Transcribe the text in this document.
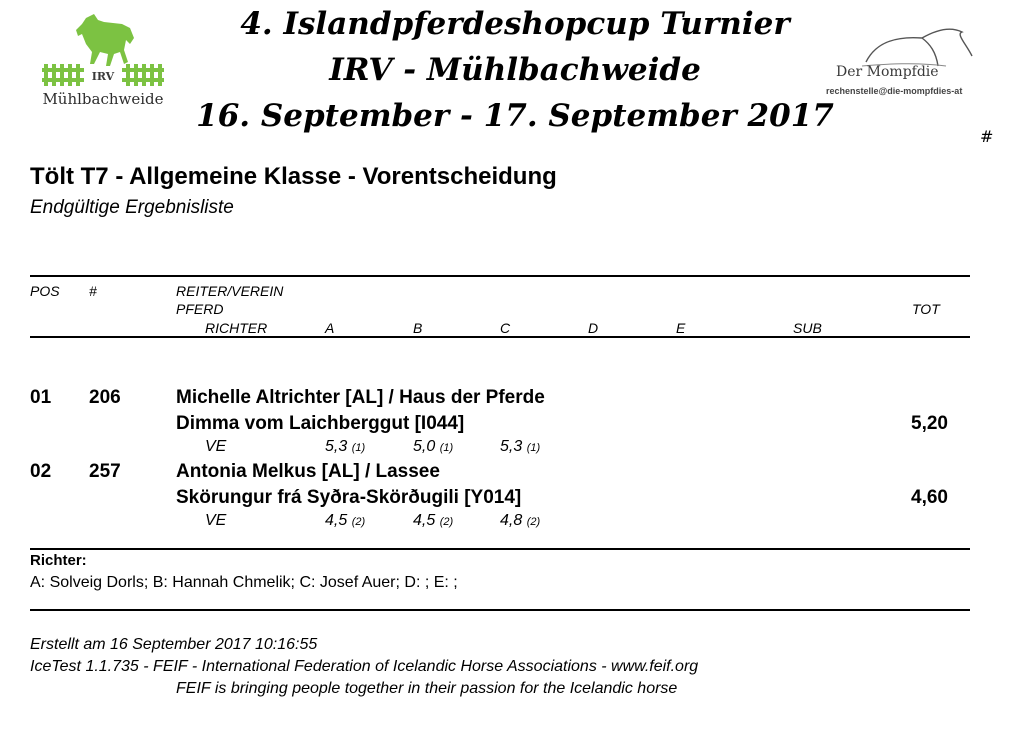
IRV
Mühlbachweide
4. Islandpferdeshopcup Turnier
IRV - Mühlbachweide
16. September - 17. September 2017
Der Mompfdie
rechenstelle@die-mompfdies-at
#
Tölt T7 - Allgemeine Klasse - Vorentscheidung
Endgültige Ergebnisliste
POS #	REITER/VEREIN
PFERD	TOT
RICHTER	A	B	C	D	E	SUB
01 206	Michelle Altrichter [AL] / Haus der Pferde
Dimma vom Laichberggut [I044]	5,20
VE	5,3 (1)	5,0 (1)	5,3 (1)
02 257	Antonia Melkus [AL] / Lassee
Skörungur frá Syðra-Skörðugili [Y014]	4,60
VE	4,5 (2)	4,5 (2)	4,8 (2)
Richter:
A: Solveig Dorls; B: Hannah Chmelik; C: Josef Auer; D: ; E: ;
Erstellt am 16 September 2017 10:16:55
IceTest 1.1.735 - FEIF - International Federation of Icelandic Horse Associations - www.feif.org
FEIF is bringing people together in their passion for the Icelandic horse
